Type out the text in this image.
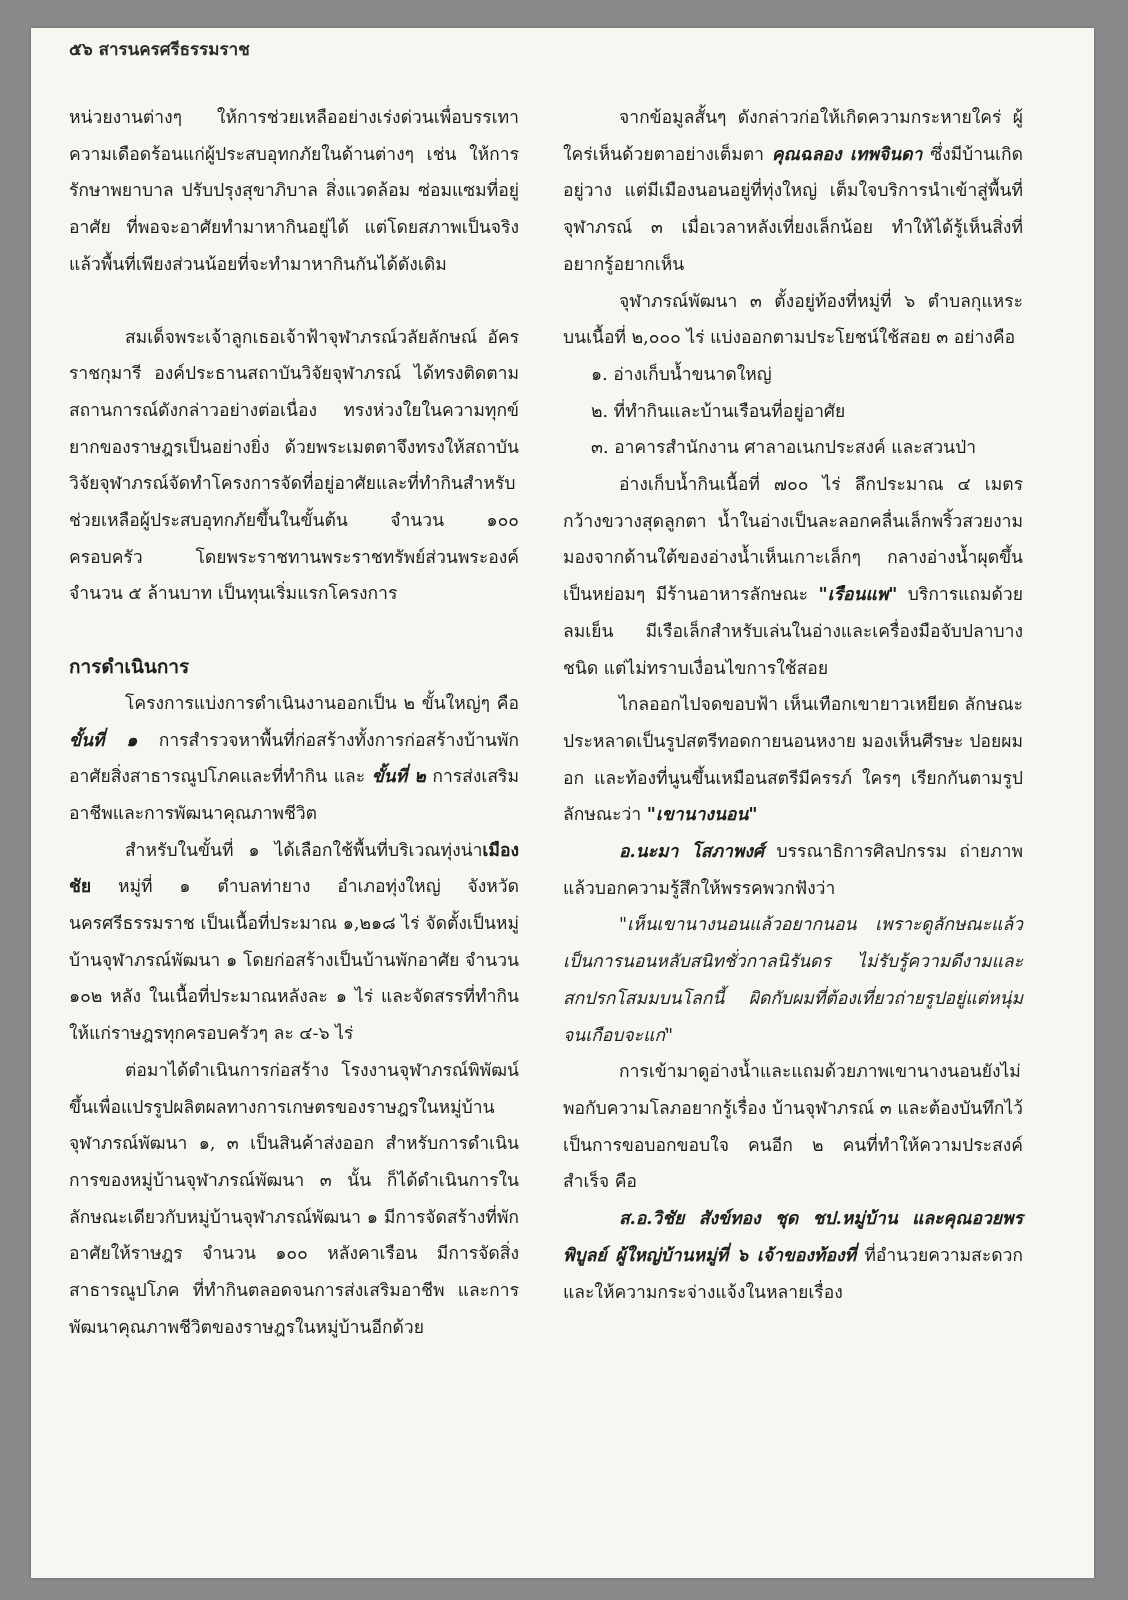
๕๖ สารนครศรีธรรมราช

หน่วยงานต่างๆ ให้การช่วยเหลืออย่างเร่งด่วนเพื่อบรรเทาความเดือดร้อนแก่ผู้ประสบอุทกภัยในด้านต่างๆ เช่น ให้การรักษาพยาบาล ปรับปรุงสุขาภิบาล สิ่งแวดล้อม ซ่อมแซมที่อยู่อาศัย ที่พอจะอาศัยทำมาหากินอยู่ได้ แต่โดยสภาพเป็นจริงแล้วพื้นที่เพียงส่วนน้อยที่จะทำมาหากินกันได้ดังเดิม

สมเด็จพระเจ้าลูกเธอเจ้าฟ้าจุฬาภรณ์วลัยลักษณ์ อัครราชกุมารี องค์ประธานสถาบันวิจัยจุฬาภรณ์ ได้ทรงติดตามสถานการณ์ดังกล่าวอย่างต่อเนื่อง ทรงห่วงใยในความทุกข์ยากของราษฎรเป็นอย่างยิ่ง ด้วยพระเมตตาจึงทรงให้สถาบันวิจัยจุฬาภรณ์จัดทำโครงการจัดที่อยู่อาศัยและที่ทำกินสำหรับช่วยเหลือผู้ประสบอุทกภัยขึ้นในขั้นต้น จำนวน ๑๐๐ ครอบครัว โดยพระราชทานพระราชทรัพย์ส่วนพระองค์ จำนวน ๕ ล้านบาท เป็นทุนเริ่มแรกโครงการ

การดำเนินการ

โครงการแบ่งการดำเนินงานออกเป็น ๒ ขั้นใหญ่ๆ คือ ขั้นที่ ๑ การสำรวจหาพื้นที่ก่อสร้างทั้งการก่อสร้างบ้านพักอาศัยสิ่งสาธารณูปโภคและที่ทำกิน และ ขั้นที่ ๒ การส่งเสริมอาชีพและการพัฒนาคุณภาพชีวิต

สำหรับในขั้นที่ ๑ ได้เลือกใช้พื้นที่บริเวณทุ่งน่าเมืองชัย หมู่ที่ ๑ ตำบลท่ายาง อำเภอทุ่งใหญ่ จังหวัดนครศรีธรรมราช เป็นเนื้อที่ประมาณ ๑,๒๑๘ ไร่ จัดตั้งเป็นหมู่บ้านจุฬาภรณ์พัฒนา ๑ โดยก่อสร้างเป็นบ้านพักอาศัย จำนวน ๑๐๒ หลัง ในเนื้อที่ประมาณหลังละ ๑ ไร่ และจัดสรรที่ทำกินให้แก่ราษฎรทุกครอบครัวๆ ละ ๔-๖ ไร่

ต่อมาได้ดำเนินการก่อสร้าง โรงงานจุฬาภรณ์พิพัฒน์ ขึ้นเพื่อแปรรูปผลิตผลทางการเกษตรของราษฎรในหมู่บ้านจุฬาภรณ์พัฒนา ๑, ๓ เป็นสินค้าส่งออก สำหรับการดำเนินการของหมู่บ้านจุฬาภรณ์พัฒนา ๓ นั้น ก็ได้ดำเนินการในลักษณะเดียวกับหมู่บ้านจุฬาภรณ์พัฒนา ๑ มีการจัดสร้างที่พักอาศัยให้ราษฎร จำนวน ๑๐๐ หลังคาเรือน มีการจัดสิ่งสาธารณูปโภค ที่ทำกินตลอดจนการส่งเสริมอาชีพ และการพัฒนาคุณภาพชีวิตของราษฎรในหมู่บ้านอีกด้วย

จากข้อมูลสั้นๆ ดังกล่าวก่อให้เกิดความกระหายใคร่ ผู้ใคร่เห็นด้วยตาอย่างเต็มตา คุณฉลอง เทพจินดา ซึ่งมีบ้านเกิดอยู่วาง แต่มีเมืองนอนอยู่ที่ทุ่งใหญ่ เต็มใจบริการนำเข้าสู่พื้นที่จุฬาภรณ์ ๓ เมื่อเวลาหลังเที่ยงเล็กน้อย ทำให้ได้รู้เห็นสิ่งที่อยากรู้อยากเห็น

จุฬาภรณ์พัฒนา ๓ ตั้งอยู่ท้องที่หมู่ที่ ๖ ตำบลกุแหระ บนเนื้อที่ ๒,๐๐๐ ไร่ แบ่งออกตามประโยชน์ใช้สอย ๓ อย่างคือ

๑. อ่างเก็บน้ำขนาดใหญ่

๒. ที่ทำกินและบ้านเรือนที่อยู่อาศัย

๓. อาคารสำนักงาน ศาลาอเนกประสงค์ และสวนป่า

อ่างเก็บน้ำกินเนื้อที่ ๗๐๐ ไร่ ลึกประมาณ ๔ เมตร กว้างขวางสุดลูกตา น้ำในอ่างเป็นละลอกคลื่นเล็กพริ้วสวยงาม มองจากด้านใต้ของอ่างน้ำเห็นเกาะเล็กๆ กลางอ่างน้ำผุดขึ้นเป็นหย่อมๆ มีร้านอาหารลักษณะ "เรือนแพ" บริการแถมด้วยลมเย็น มีเรือเล็กสำหรับเล่นในอ่างและเครื่องมือจับปลาบางชนิด แต่ไม่ทราบเงื่อนไขการใช้สอย

ไกลออกไปจดขอบฟ้า เห็นเทือกเขายาวเหยียด ลักษณะประหลาดเป็นรูปสตรีทอดกายนอนหงาย มองเห็นศีรษะ ปอยผม อก และท้องที่นูนขึ้นเหมือนสตรีมีครรภ์ ใครๆ เรียกกันตามรูปลักษณะว่า "เขานางนอน"

อ.นะมา โสภาพงศ์ บรรณาธิการศิลปกรรม ถ่ายภาพแล้วบอกความรู้สึกให้พรรคพวกฟังว่า

"เห็นเขานางนอนแล้วอยากนอน เพราะดูลักษณะแล้ว เป็นการนอนหลับสนิทชั่วกาลนิรันดร ไม่รับรู้ความดีงามและสกปรกโสมมบนโลกนี้ ผิดกับผมที่ต้องเที่ยวถ่ายรูปอยู่แต่หนุ่มจนเกือบจะแก่"

การเข้ามาดูอ่างน้ำและแถมด้วยภาพเขานางนอนยังไม่พอกับความโลภอยากรู้เรื่อง บ้านจุฬาภรณ์ ๓ และต้องบันทึกไว้เป็นการขอบอกขอบใจ คนอีก ๒ คนที่ทำให้ความประสงค์สำเร็จ คือ

ส.อ.วิชัย สังข์ทอง ชุด ชป.หมู่บ้าน และคุณอวยพร พิบูลย์ ผู้ใหญ่บ้านหมู่ที่ ๖ เจ้าของท้องที่ ที่อำนวยความสะดวกและให้ความกระจ่างแจ้งในหลายเรื่อง
